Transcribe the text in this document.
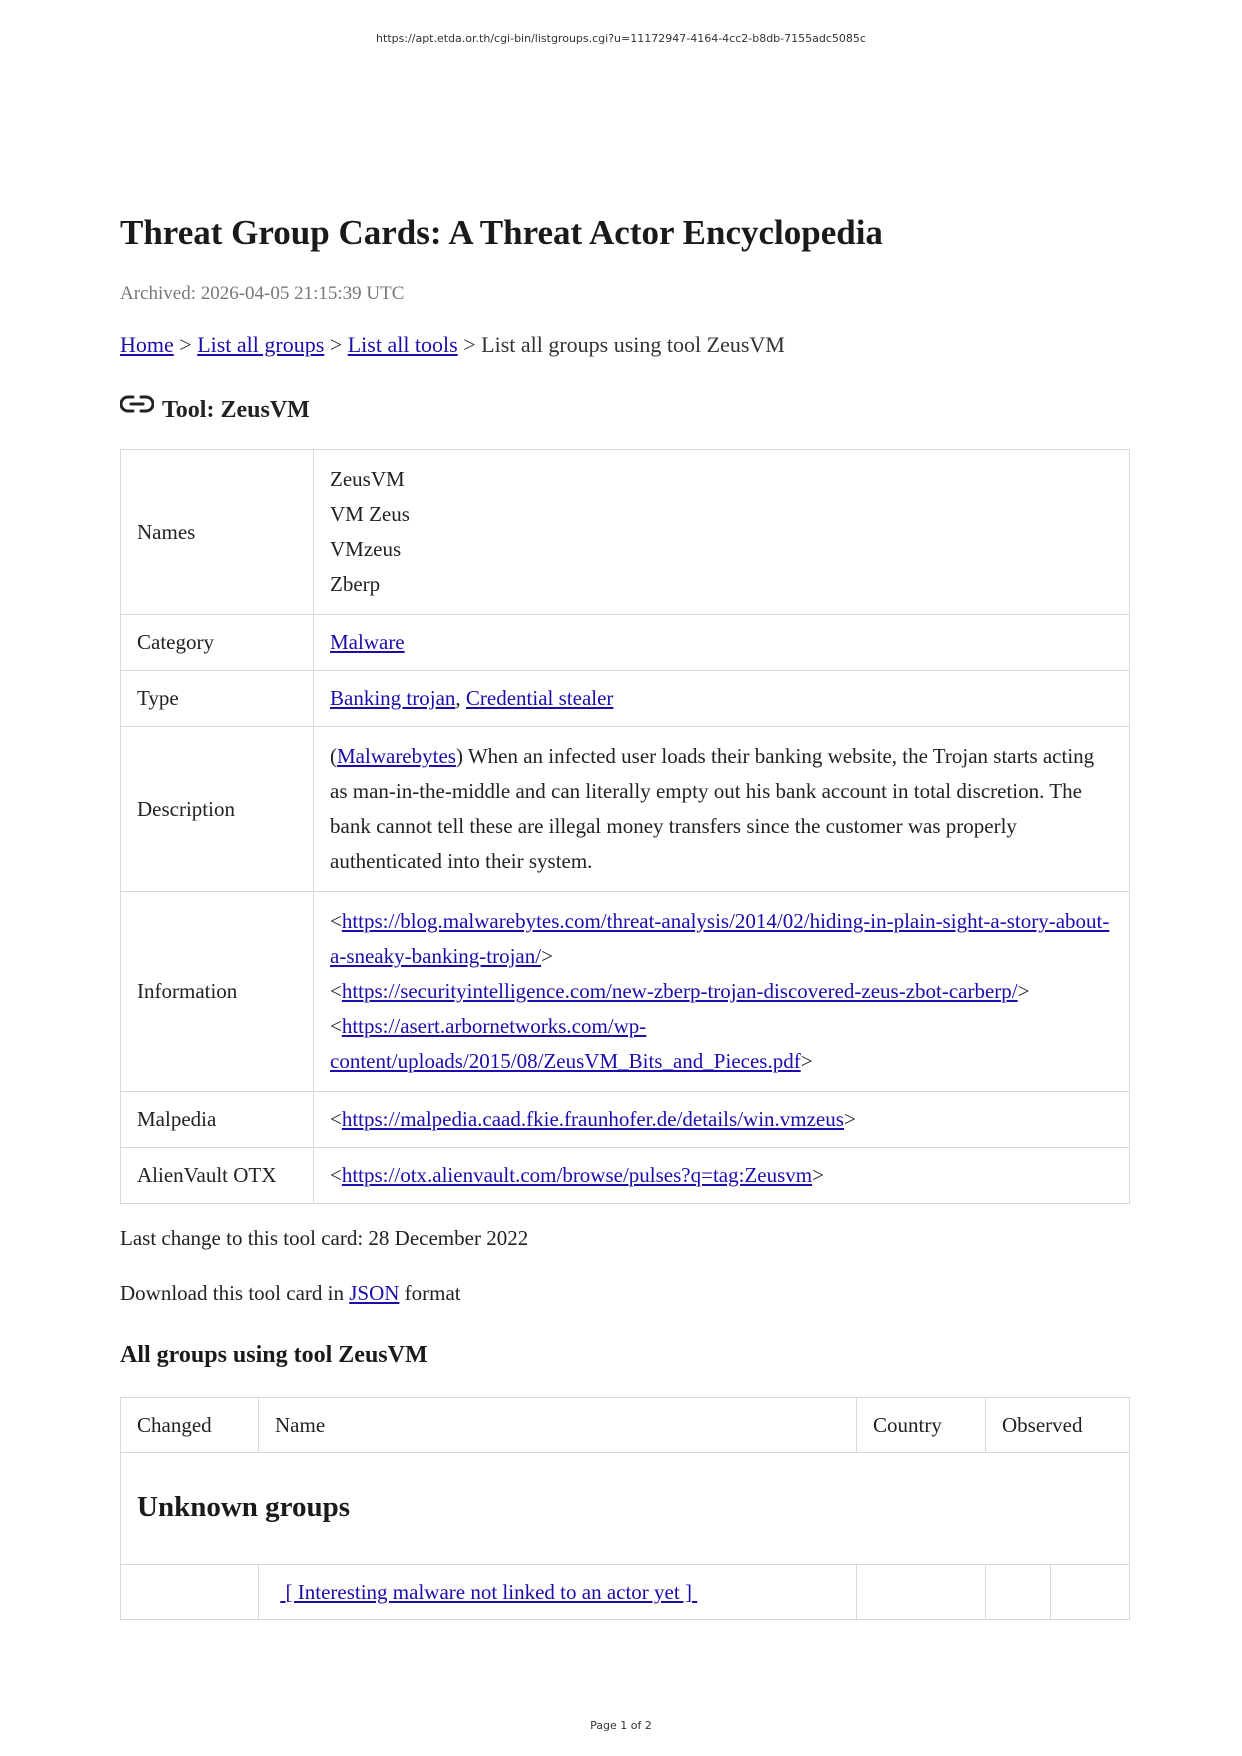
https://apt.etda.or.th/cgi-bin/listgroups.cgi?u=11172947-4164-4cc2-b8db-7155adc5085c
Threat Group Cards: A Threat Actor Encyclopedia
Archived: 2026-04-05 21:15:39 UTC
Home > List all groups > List all tools > List all groups using tool ZeusVM
Tool: ZeusVM
Names	ZeusVM
VM Zeus
VMzeus
Zberp

Category	Malware
Type	Banking trojan, Credential stealer
Description	(Malwarebytes) When an infected user loads their banking website, the Trojan starts acting as man-in-the-middle and can literally empty out his bank account in total discretion. The bank cannot tell these are illegal money transfers since the customer was properly authenticated into their system.
Information	<https://blog.malwarebytes.com/threat-analysis/2014/02/hiding-in-plain-sight-a-story-about-a-sneaky-banking-trojan/>
<https://securityintelligence.com/new-zberp-trojan-discovered-zeus-zbot-carberp/>
<https://asert.arbornetworks.com/wp-content/uploads/2015/08/ZeusVM_Bits_and_Pieces.pdf>

Malpedia	<https://malpedia.caad.fkie.fraunhofer.de/details/win.vmzeus>
AlienVault OTX	<https://otx.alienvault.com/browse/pulses?q=tag:Zeusvm>
Last change to this tool card: 28 December 2022
Download this tool card in JSON format
All groups using tool ZeusVM
Changed	Name	Country	Observed	
Unknown groups				
	[ Interesting malware not linked to an actor yet ]			
Page 1 of 2
